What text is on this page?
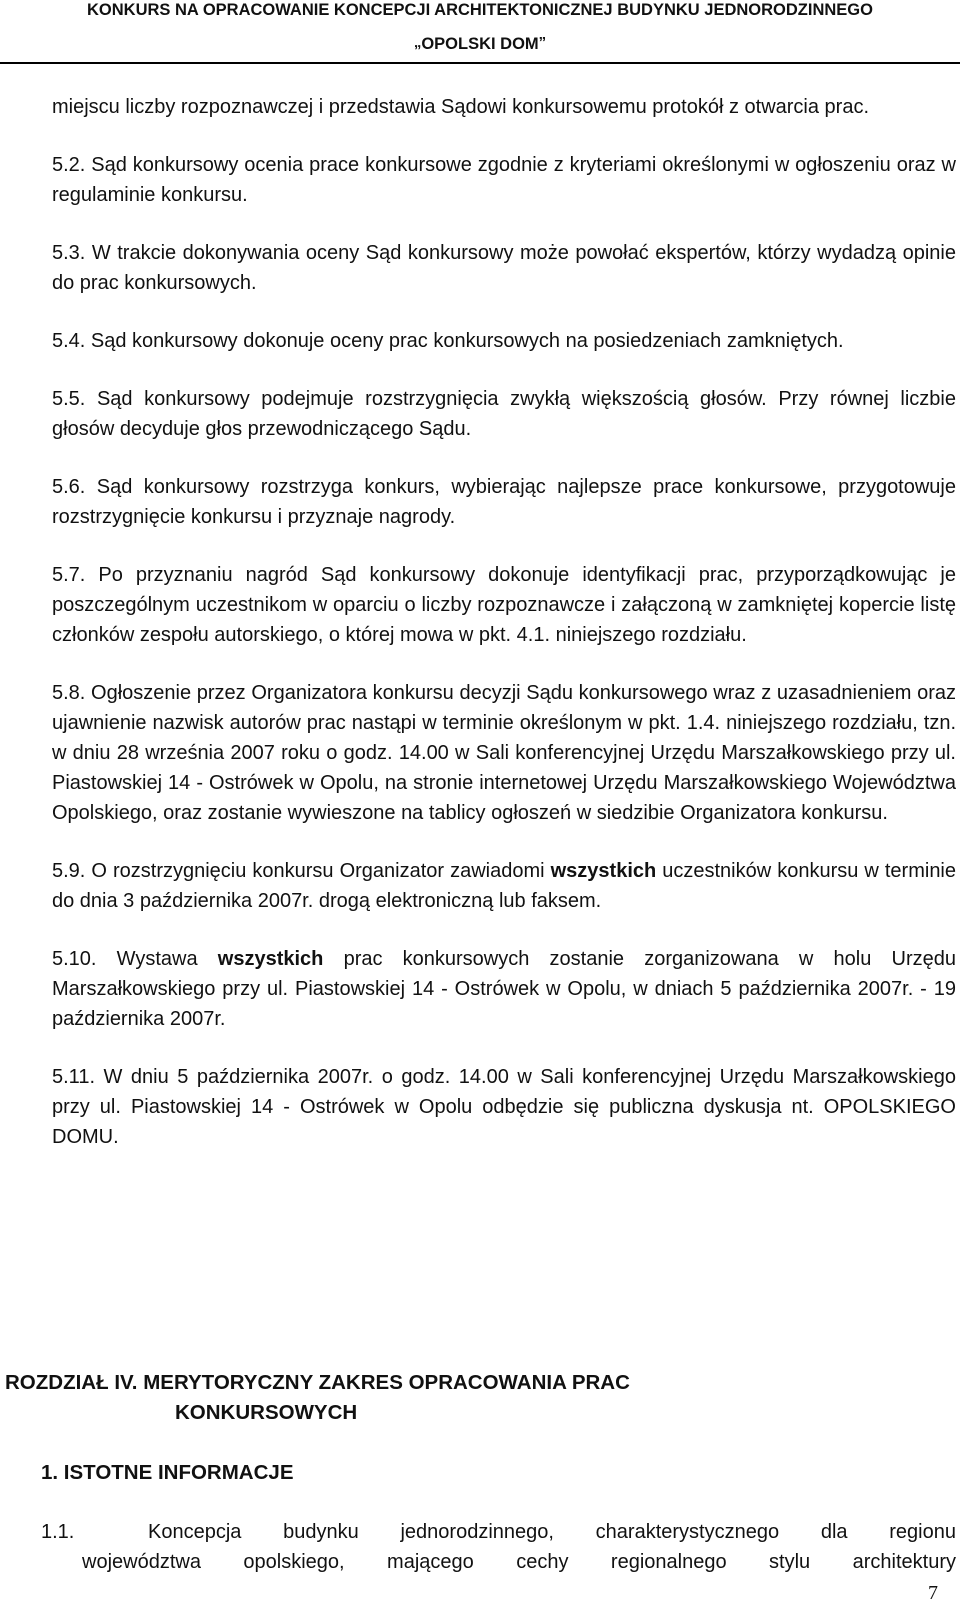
KONKURS NA OPRACOWANIE KONCEPCJI ARCHITEKTONICZNEJ BUDYNKU JEDNORODZINNEGO
„OPOLSKI DOM”

miejscu liczby rozpoznawczej i przedstawia Sądowi konkursowemu protokół z otwarcia prac.

5.2. Sąd konkursowy ocenia prace konkursowe zgodnie z kryteriami określonymi w ogłoszeniu oraz w regulaminie konkursu.

5.3. W trakcie dokonywania oceny Sąd konkursowy może powołać ekspertów, którzy wydadzą opinie do prac konkursowych.

5.4. Sąd konkursowy dokonuje oceny prac konkursowych na posiedzeniach zamkniętych.

5.5. Sąd konkursowy podejmuje rozstrzygnięcia zwykłą większością głosów. Przy równej liczbie głosów decyduje głos przewodniczącego Sądu.

5.6. Sąd konkursowy rozstrzyga konkurs, wybierając najlepsze prace konkursowe, przygotowuje rozstrzygnięcie konkursu i przyznaje nagrody.

5.7. Po przyznaniu nagród Sąd konkursowy dokonuje identyfikacji prac, przyporządkowując je poszczególnym uczestnikom w oparciu o liczby rozpoznawcze i załączoną w zamkniętej kopercie listę członków zespołu autorskiego, o której mowa w pkt. 4.1. niniejszego rozdziału.

5.8. Ogłoszenie przez Organizatora konkursu decyzji Sądu konkursowego wraz z uzasadnieniem oraz ujawnienie nazwisk autorów prac nastąpi w terminie określonym w pkt. 1.4. niniejszego rozdziału, tzn. w dniu 28 września 2007 roku o godz. 14.00 w Sali konferencyjnej Urzędu Marszałkowskiego przy ul. Piastowskiej 14 - Ostrówek w Opolu, na stronie internetowej Urzędu Marszałkowskiego Województwa Opolskiego, oraz zostanie wywieszone na tablicy ogłoszeń w siedzibie Organizatora konkursu.

5.9. O rozstrzygnięciu konkursu Organizator zawiadomi wszystkich uczestników konkursu w terminie do dnia 3 października 2007r. drogą elektroniczną lub faksem.

5.10. Wystawa wszystkich prac konkursowych zostanie zorganizowana w holu Urzędu Marszałkowskiego przy ul. Piastowskiej 14 - Ostrówek w Opolu, w dniach 5 października 2007r. - 19 października 2007r.

5.11. W dniu 5 października 2007r. o godz. 14.00 w Sali konferencyjnej Urzędu Marszałkowskiego przy ul. Piastowskiej 14 - Ostrówek w Opolu odbędzie się publiczna dyskusja nt. OPOLSKIEGO DOMU.

ROZDZIAŁ IV. MERYTORYCZNY ZAKRES OPRACOWANIA PRAC
KONKURSOWYCH
1. ISTOTNE INFORMACJE
1.1.	Koncepcja budynku jednorodzinnego, charakterystycznego dla regionu
województwa opolskiego, mającego cechy regionalnego stylu architektury
7
